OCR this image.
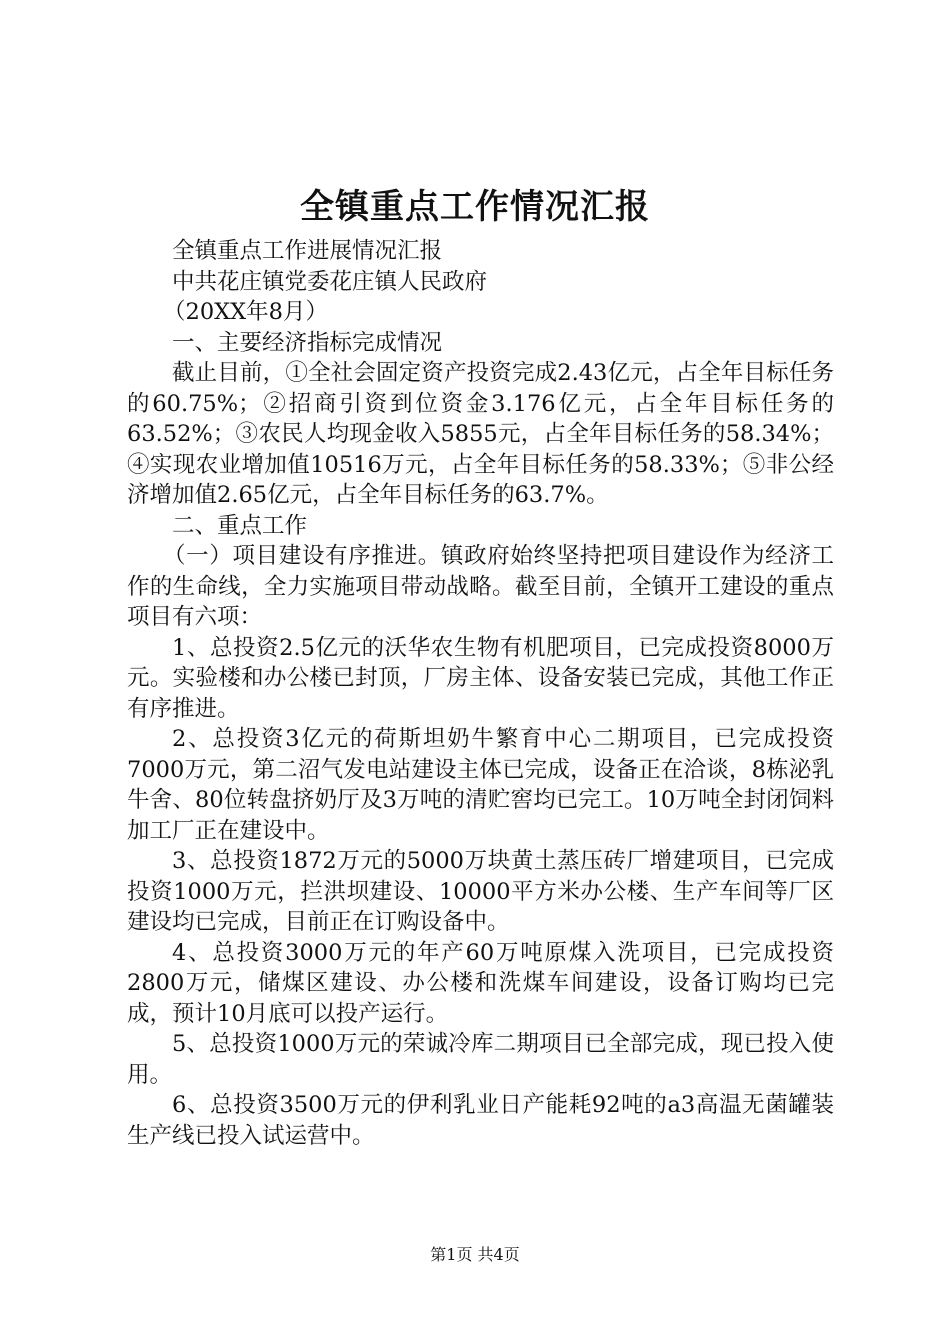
全镇重点工作情况汇报

全镇重点工作进展情况汇报

中共花庄镇党委花庄镇人民政府

（20XX年8月）

一、主要经济指标完成情况

截止目前，①全社会固定资产投资完成2.43亿元，占全年目标任务的60.75%；②招商引资到位资金3.176亿元，占全年目标任务的63.52%；③农民人均现金收入5855元，占全年目标任务的58.34%；④实现农业增加值10516万元，占全年目标任务的58.33%；⑤非公经济增加值2.65亿元，占全年目标任务的63.7%。

二、重点工作

（一）项目建设有序推进。镇政府始终坚持把项目建设作为经济工作的生命线，全力实施项目带动战略。截至目前，全镇开工建设的重点项目有六项：

1、总投资2.5亿元的沃华农生物有机肥项目，已完成投资8000万元。实验楼和办公楼已封顶，厂房主体、设备安装已完成，其他工作正有序推进。

2、总投资3亿元的荷斯坦奶牛繁育中心二期项目，已完成投资7000万元，第二沼气发电站建设主体已完成，设备正在洽谈，8栋泌乳牛舍、80位转盘挤奶厅及3万吨的清贮窖均已完工。10万吨全封闭饲料加工厂正在建设中。

3、总投资1872万元的5000万块黄土蒸压砖厂增建项目，已完成投资1000万元，拦洪坝建设、10000平方米办公楼、生产车间等厂区建设均已完成，目前正在订购设备中。

4、总投资3000万元的年产60万吨原煤入洗项目，已完成投资2800万元，储煤区建设、办公楼和洗煤车间建设，设备订购均已完成，预计10月底可以投产运行。

5、总投资1000万元的荣诚冷库二期项目已全部完成，现已投入使用。

6、总投资3500万元的伊利乳业日产能耗92吨的a3高温无菌罐装生产线已投入试运营中。

第1页 共4页
